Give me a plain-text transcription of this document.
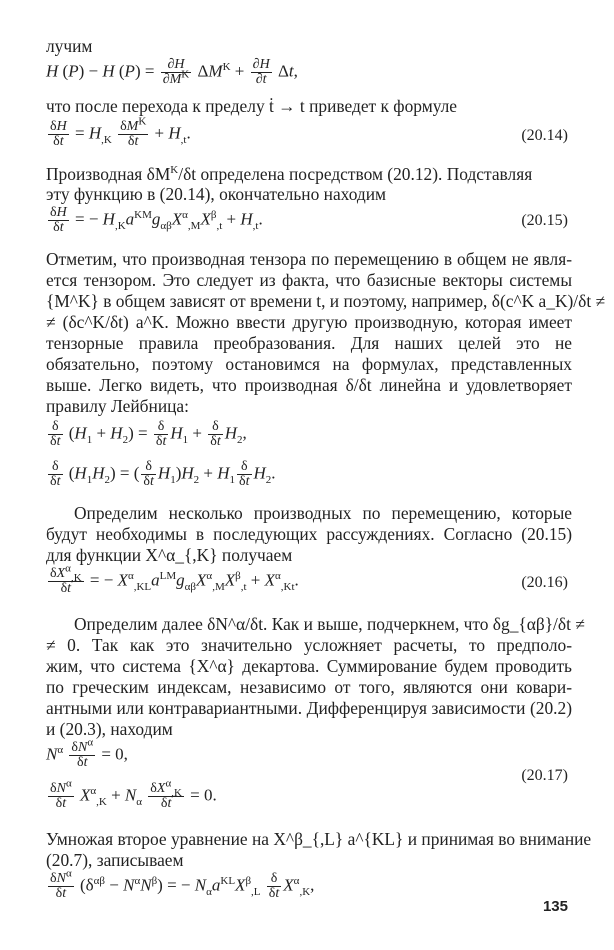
лучим
H (P) − H $(P) = \frac{\partial H}{\partial M^K} \Delta M^K + \frac{\partial H}{\partial t} \Delta t$,
что после перехода к пределу ṫ → t приведет к формуле
$\frac{\delta H}{\delta t} = H_{,K}$
$\delta M^K$
$\delta t + H_{,t}$.	(20.14)
Производная $\delta M^K/\delta t$ определена посредством (20.12). Подставляя
эту функцию в (20.14), окончательно находим
$\frac{\delta H}{\delta t}$ = − $H_{,K}a^{KM}g_{\alpha\beta}X^\alpha_{,M}X^\beta_{,t} + H_{,t}$.	(20.15)
Отметим, что производная тензора по перемещению в общем не явля-
ется тензором. Это следует из факта, что базисные векторы системы
{M^K} в общем зависят от времени t, и поэтому, например, δ(c^K a_K)/δt ≠
≠ (δc^K/δt) a^K. Можно ввести другую производную, которая имеет
тензорные правила преобразования. Для наших целей это не
обязательно, поэтому остановимся на формулах, представленных
выше. Легко видеть, что производная δ/δt линейна и удовлетворяет
правилу Лейбница:
$\frac{\delta}{\delta t} (H_1 + H_2) = \frac{\delta}{\delta t} H_1 + \frac{\delta}{\delta t} H_2$,
$\frac{\delta}{\delta t} (H_1H_2)$ = ( $\frac{\delta}{\delta t} H_1)H_2 + H_1 \frac{\delta}{\delta t} H_2$.
Определим несколько производных по перемещению, которые
будут необходимы в последующих рассуждениях. Согласно (20.15)
для функции X^α_{,K} получаем
$\delta X^\alpha_{,K}$
δt = − $X^\alpha_{,KL}a^{LM}g_{\alpha\beta}X^\alpha_{,M}X^\beta_{,t} + X^\alpha_{,Kt}$.	(20.16)
Определим далее δN^α/δt. Как и выше, подчеркнем, что δg_{αβ}/δt ≠
≠ 0. Так как это значительно усложняет расчеты, то предполо-
жим, что система {X^α} декартова. Суммирование будем проводить
по греческим индексам, независимо от того, являются они ковари-
антными или контравариантными. Дифференцируя зависимости (20.2)
и (20.3), находим
$N^\alpha$ $\delta N^\alpha$
δt = 0,
$\delta N^\alpha$
δt $X^\alpha_{,K} + N_\alpha$
$\delta X^\alpha_{,K}$
δt = 0.
(20.17)
Умножая второе уравнение на X^β_{,L} a^{KL} и принимая во внимание
(20.7), записываем
$\delta N^\alpha$
δt $(\delta^{\alpha\beta} - N^\alpha N^\beta)$ = − $N_\alpha a^{KL}X^\beta_{,L} \frac{\delta}{\delta t} X^\alpha_{,K}$,
135
